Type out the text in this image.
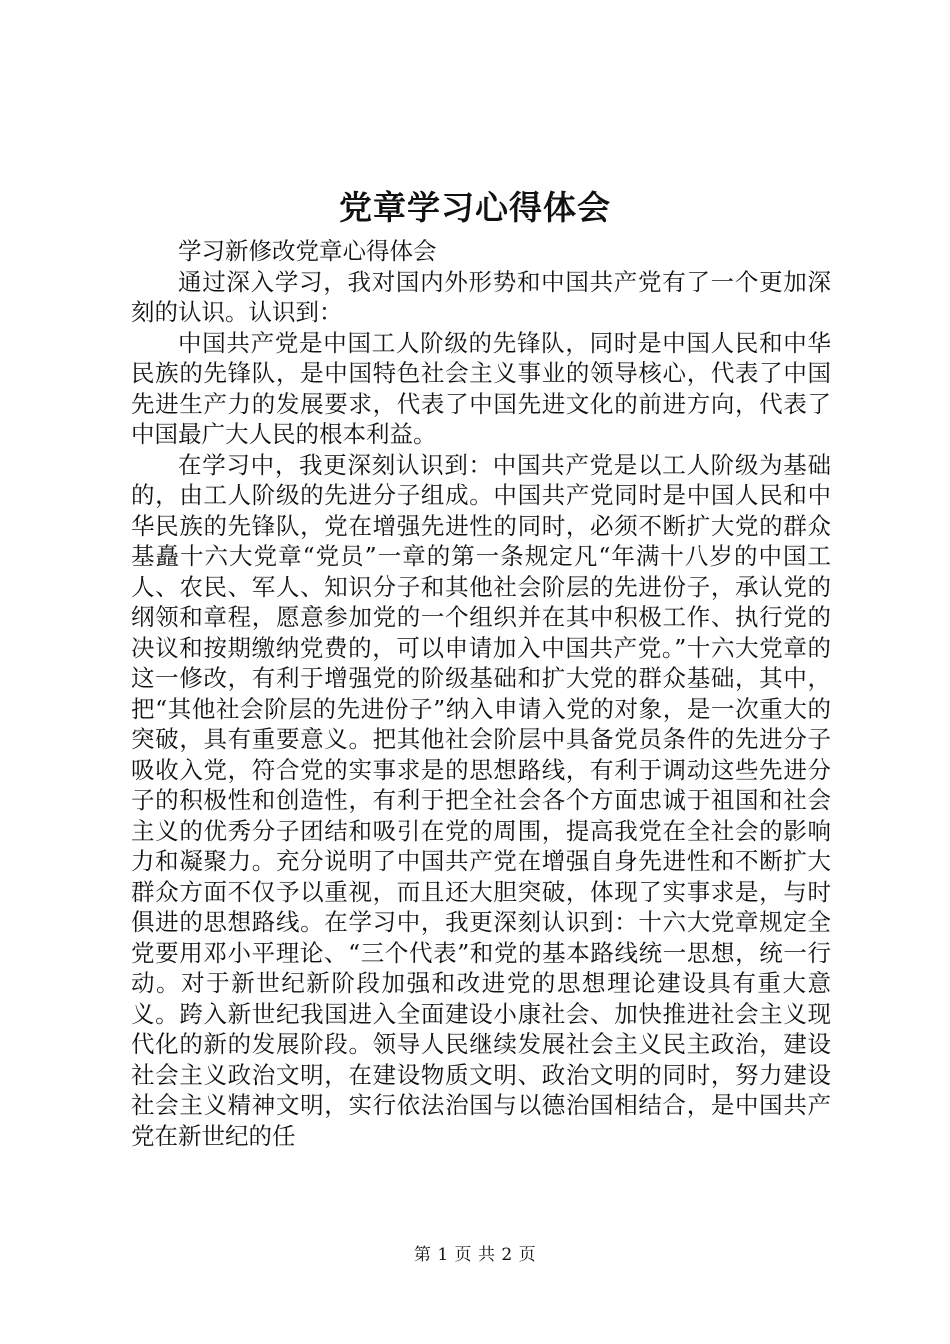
党章学习心得体会

学习新修改党章心得体会

通过深入学习，我对国内外形势和中国共产党有了一个更加深刻的认识。认识到：

中国共产党是中国工人阶级的先锋队，同时是中国人民和中华民族的先锋队，是中国特色社会主义事业的领导核心，代表了中国先进生产力的发展要求，代表了中国先进文化的前进方向，代表了中国最广大人民的根本利益。

在学习中，我更深刻认识到：中国共产党是以工人阶级为基础的，由工人阶级的先进分子组成。中国共产党同时是中国人民和中华民族的先锋队，党在增强先进性的同时，必须不断扩大党的群众基矗十六大党章“党员”一章的第一条规定凡“年满十八岁的中国工人、农民、军人、知识分子和其他社会阶层的先进份子，承认党的纲领和章程，愿意参加党的一个组织并在其中积极工作、执行党的决议和按期缴纳党费的，可以申请加入中国共产党。”十六大党章的这一修改，有利于增强党的阶级基础和扩大党的群众基础，其中，把“其他社会阶层的先进份子”纳入申请入党的对象，是一次重大的突破，具有重要意义。把其他社会阶层中具备党员条件的先进分子吸收入党，符合党的实事求是的思想路线，有利于调动这些先进分子的积极性和创造性，有利于把全社会各个方面忠诚于祖国和社会主义的优秀分子团结和吸引在党的周围，提高我党在全社会的影响力和凝聚力。充分说明了中国共产党在增强自身先进性和不断扩大群众方面不仅予以重视，而且还大胆突破，体现了实事求是，与时俱进的思想路线。在学习中，我更深刻认识到：十六大党章规定全党要用邓小平理论、“三个代表”和党的基本路线统一思想，统一行动。对于新世纪新阶段加强和改进党的思想理论建设具有重大意义。跨入新世纪我国进入全面建设小康社会、加快推进社会主义现代化的新的发展阶段。领导人民继续发展社会主义民主政治，建设社会主义政治文明，在建设物质文明、政治文明的同时，努力建设社会主义精神文明，实行依法治国与以德治国相结合，是中国共产党在新世纪的任

第 1 页 共 2 页
